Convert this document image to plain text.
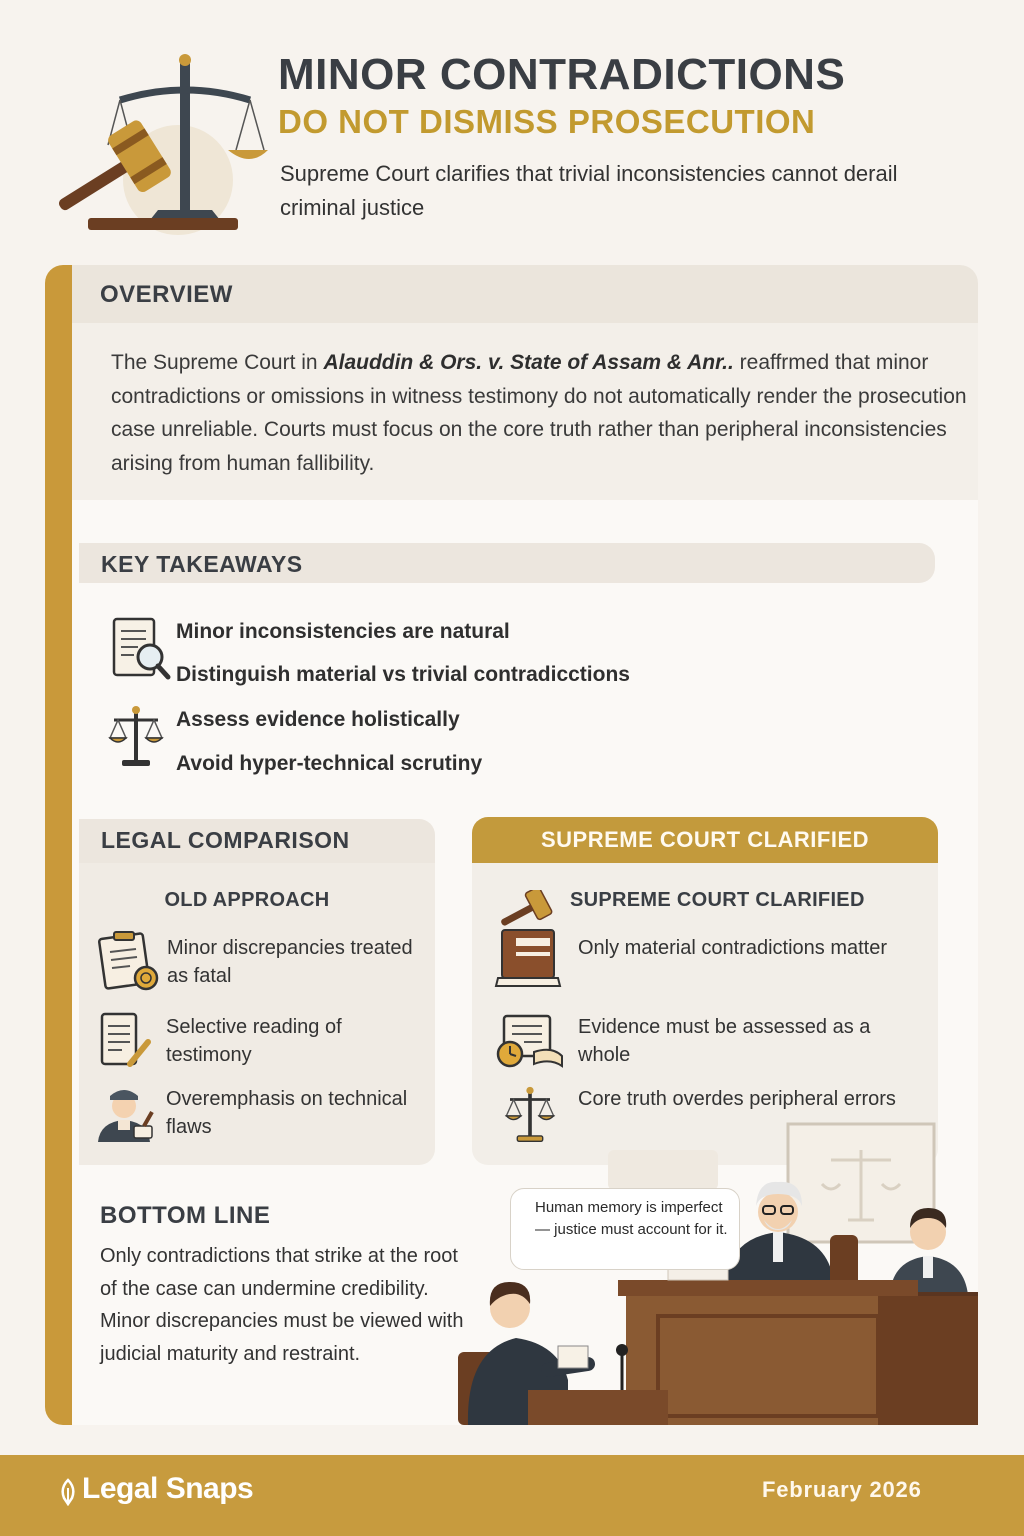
MINOR CONTRADICTIONS
DO NOT DISMISS PROSECUTION
Supreme Court clarifies that trivial inconsistencies cannot derail criminal justice
OVERVIEW
The Supreme Court in Alauddin & Ors. v. State of Assam & Anr.. reaffrmed that minor contradictions or omissions in witness testimony do not automatically render the prosecution case unreliable. Courts must focus on the core truth rather than peripheral inconsistencies arising from human fallibility.
KEY TAKEAWAYS
Minor inconsistencies are natural
Distinguish material vs trivial contradicctions
Assess evidence holistically
Avoid hyper-technical scrutiny
LEGAL COMPARISON
OLD APPROACH
Minor discrepancies treated as fatal
Selective reading of testimony
Overemphasis on technical flaws
SUPREME COURT CLARIFIED
SUPREME COURT CLARIFIED
Only material contradictions matter
Evidence must be assessed as a whole
Core truth overdes peripheral errors
Human memory is imperfect — justice must account for it.
BOTTOM LINE
Only contradictions that strike at the root of the case can undermine credibility. Minor discrepancies must be viewed with judicial maturity and restraint.
Legal Snaps	February 2026
